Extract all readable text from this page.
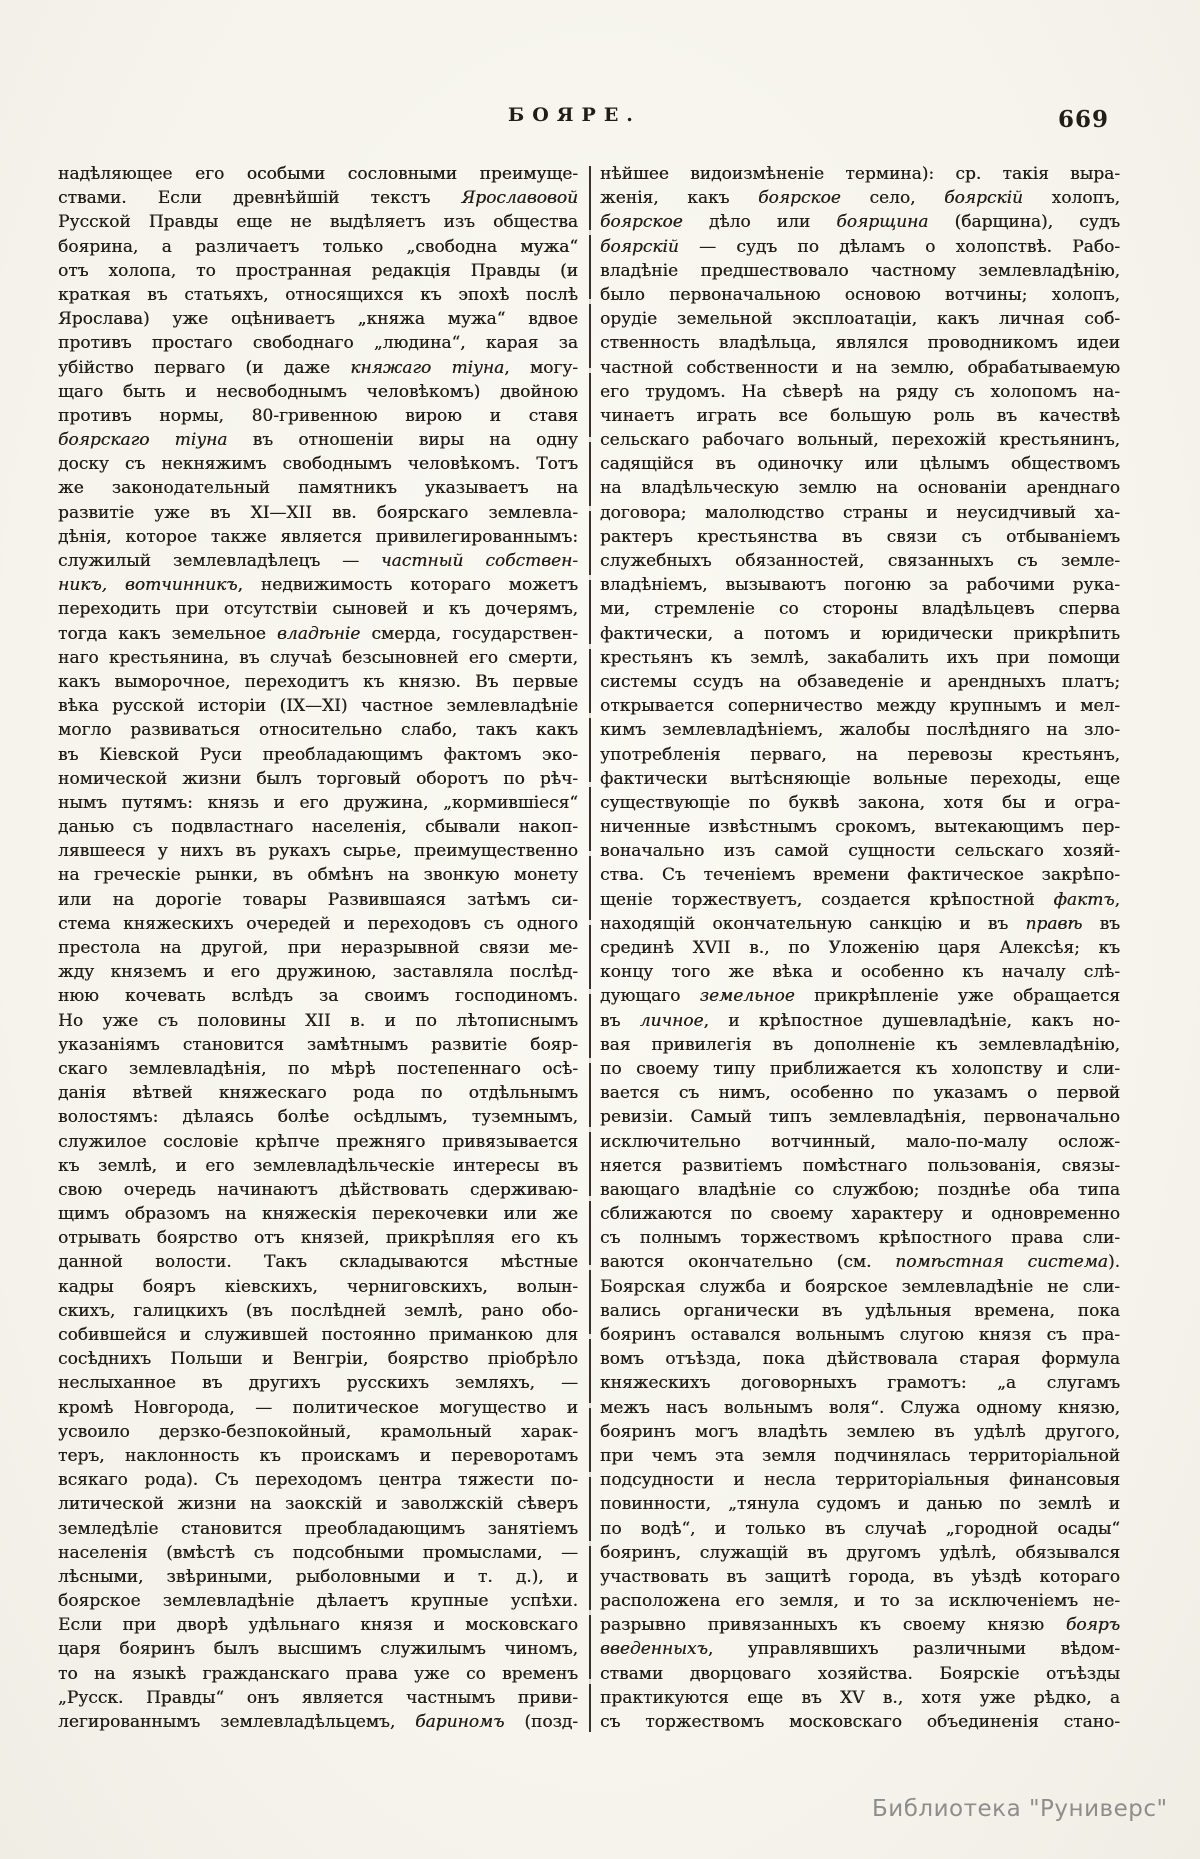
БОЯРЕ.	669
надѣляющее его особыми сословными преимуще-
ствами. Если древнѣйшій текстъ Ярославовой
Русской Правды еще не выдѣляетъ изъ общества
боярина, а различаетъ только „свободна мужа“
отъ холопа, то пространная редакція Правды (и
краткая въ статьяхъ, относящихся къ эпохѣ послѣ
Ярослава) уже оцѣниваетъ „княжа мужа“ вдвое
противъ простаго свободнаго „людина“, карая за
убійство перваго (и даже княжаго тіуна, могу-
щаго быть и несвободнымъ человѣкомъ) двойною
противъ нормы, 80-гривенною вирою и ставя
боярскаго тіуна въ отношеніи виры на одну
доску съ некняжимъ свободнымъ человѣкомъ. Тотъ
же законодательный памятникъ указываетъ на
развитіе уже въ XI—XII вв. боярскаго землевла-
дѣнія, которое также является привилегированнымъ:
служилый землевладѣлецъ — частный собствен-
никъ, вотчинникъ, недвижимость котораго можетъ
переходить при отсутствіи сыновей и къ дочерямъ,
тогда какъ земельное владѣніе смерда, государствен-
наго крестьянина, въ случаѣ безсыновней его смерти,
какъ выморочное, переходитъ къ князю. Въ первые
вѣка русской исторіи (IX—XI) частное землевладѣніе
могло развиваться относительно слабо, такъ какъ
въ Кіевской Руси преобладающимъ фактомъ эко-
номической жизни былъ торговый оборотъ по рѣч-
нымъ путямъ: князь и его дружина, „кормившіеся“
данью съ подвластнаго населенія, сбывали накоп-
лявшееся у нихъ въ рукахъ сырье, преимущественно
на греческіе рынки, въ обмѣнъ на звонкую монету
или на дорогіе товары Развившаяся затѣмъ си-
стема княжескихъ очередей и переходовъ съ одного
престола на другой, при неразрывной связи ме-
жду княземъ и его дружиною, заставляла послѣд-
нюю кочевать вслѣдъ за своимъ господиномъ.
Но уже съ половины XII в. и по лѣтописнымъ
указаніямъ становится замѣтнымъ развитіе бояр-
скаго землевладѣнія, по мѣрѣ постепеннаго осѣ-
данія вѣтвей княжескаго рода по отдѣльнымъ
волостямъ: дѣлаясь болѣе осѣдлымъ, туземнымъ,
служилое сословіе крѣпче прежняго привязывается
къ землѣ, и его землевладѣльческіе интересы въ
свою очередь начинаютъ дѣйствовать сдерживаю-
щимъ образомъ на княжескія перекочевки или же
отрывать боярство отъ князей, прикрѣпляя его къ
данной волости. Такъ складываются мѣстные
кадры бояръ кіевскихъ, черниговскихъ, волын-
скихъ, галицкихъ (въ послѣдней землѣ, рано обо-
собившейся и служившей постоянно приманкою для
сосѣднихъ Польши и Венгріи, боярство пріобрѣло
неслыханное въ другихъ русскихъ земляхъ, —
кромѣ Новгорода, — политическое могущество и
усвоило дерзко-безпокойный, крамольный харак-
теръ, наклонность къ проискамъ и переворотамъ
всякаго рода). Съ переходомъ центра тяжести по-
литической жизни на заокскій и заволжскій сѣверъ
земледѣліе становится преобладающимъ занятіемъ
населенія (вмѣстѣ съ подсобными промыслами, —
лѣсными, звѣриными, рыболовными и т. д.), и
боярское землевладѣніе дѣлаетъ крупные успѣхи.
Если при дворѣ удѣльнаго князя и московскаго
царя бояринъ былъ высшимъ служилымъ чиномъ,
то на языкѣ гражданскаго права уже со временъ
„Русск. Правды“ онъ является частнымъ приви-
легированнымъ землевладѣльцемъ, бариномъ (позд-
нѣйшее видоизмѣненіе термина): ср. такія выра-
женія, какъ боярское село, боярскій холопъ,
боярское дѣло или боярщина (барщина), судъ
боярскій — судъ по дѣламъ о холопствѣ. Рабо-
владѣніе предшествовало частному землевладѣнію,
было первоначальною основою вотчины; холопъ,
орудіе земельной эксплоатаціи, какъ личная соб-
ственность владѣльца, являлся проводникомъ идеи
частной собственности и на землю, обрабатываемую
его трудомъ. На сѣверѣ на ряду съ холопомъ на-
чинаетъ играть все большую роль въ качествѣ
сельскаго рабочаго вольный, перехожій крестьянинъ,
садящійся въ одиночку или цѣлымъ обществомъ
на владѣльческую землю на основаніи аренднаго
договора; малолюдство страны и неусидчивый ха-
рактеръ крестьянства въ связи съ отбываніемъ
служебныхъ обязанностей, связанныхъ съ земле-
владѣніемъ, вызываютъ погоню за рабочими рука-
ми, стремленіе со стороны владѣльцевъ сперва
фактически, а потомъ и юридически прикрѣпить
крестьянъ къ землѣ, закабалить ихъ при помощи
системы ссудъ на обзаведеніе и арендныхъ платъ;
открывается соперничество между крупнымъ и мел-
кимъ землевладѣніемъ, жалобы послѣдняго на зло-
употребленія перваго, на перевозы крестьянъ,
фактически вытѣсняющіе вольные переходы, еще
существующіе по буквѣ закона, хотя бы и огра-
ниченные извѣстнымъ срокомъ, вытекающимъ пер-
воначально изъ самой сущности сельскаго хозяй-
ства. Съ теченіемъ времени фактическое закрѣпо-
щеніе торжествуетъ, создается крѣпостной фактъ,
находящій окончательную санкцію и въ правѣ въ
срединѣ XVII в., по Уложенію царя Алексѣя; къ
концу того же вѣка и особенно къ началу слѣ-
дующаго земельное прикрѣпленіе уже обращается
въ личное, и крѣпостное душевладѣніе, какъ но-
вая привилегія въ дополненіе къ землевладѣнію,
по своему типу приближается къ холопству и сли-
вается съ нимъ, особенно по указамъ о первой
ревизіи. Самый типъ землевладѣнія, первоначально
исключительно вотчинный, мало-по-малу ослож-
няется развитіемъ помѣстнаго пользованія, связы-
вающаго владѣніе со службою; позднѣе оба типа
сближаются по своему характеру и одновременно
съ полнымъ торжествомъ крѣпостного права сли-
ваются окончательно (см. помѣстная система).
Боярская служба и боярское землевладѣніе не сли-
вались органически въ удѣльныя времена, пока
бояринъ оставался вольнымъ слугою князя съ пра-
вомъ отъѣзда, пока дѣйствовала старая формула
княжескихъ договорныхъ грамотъ: „а слугамъ
межъ насъ вольнымъ воля“. Служа одному князю,
бояринъ могъ владѣть землею въ удѣлѣ другого,
при чемъ эта земля подчинялась территоріальной
подсудности и несла территоріальныя финансовыя
повинности, „тянула судомъ и данью по землѣ и
по водѣ“, и только въ случаѣ „городной осады“
бояринъ, служащій въ другомъ удѣлѣ, обязывался
участвовать въ защитѣ города, въ уѣздѣ котораго
расположена его земля, и то за исключеніемъ не-
разрывно привязанныхъ къ своему князю бояръ
введенныхъ, управлявшихъ различными вѣдом-
ствами дворцоваго хозяйства. Боярскіе отъѣзды
практикуются еще въ XV в., хотя уже рѣдко, а
съ торжествомъ московскаго объединенія стано-
Библиотека "Руниверс"
